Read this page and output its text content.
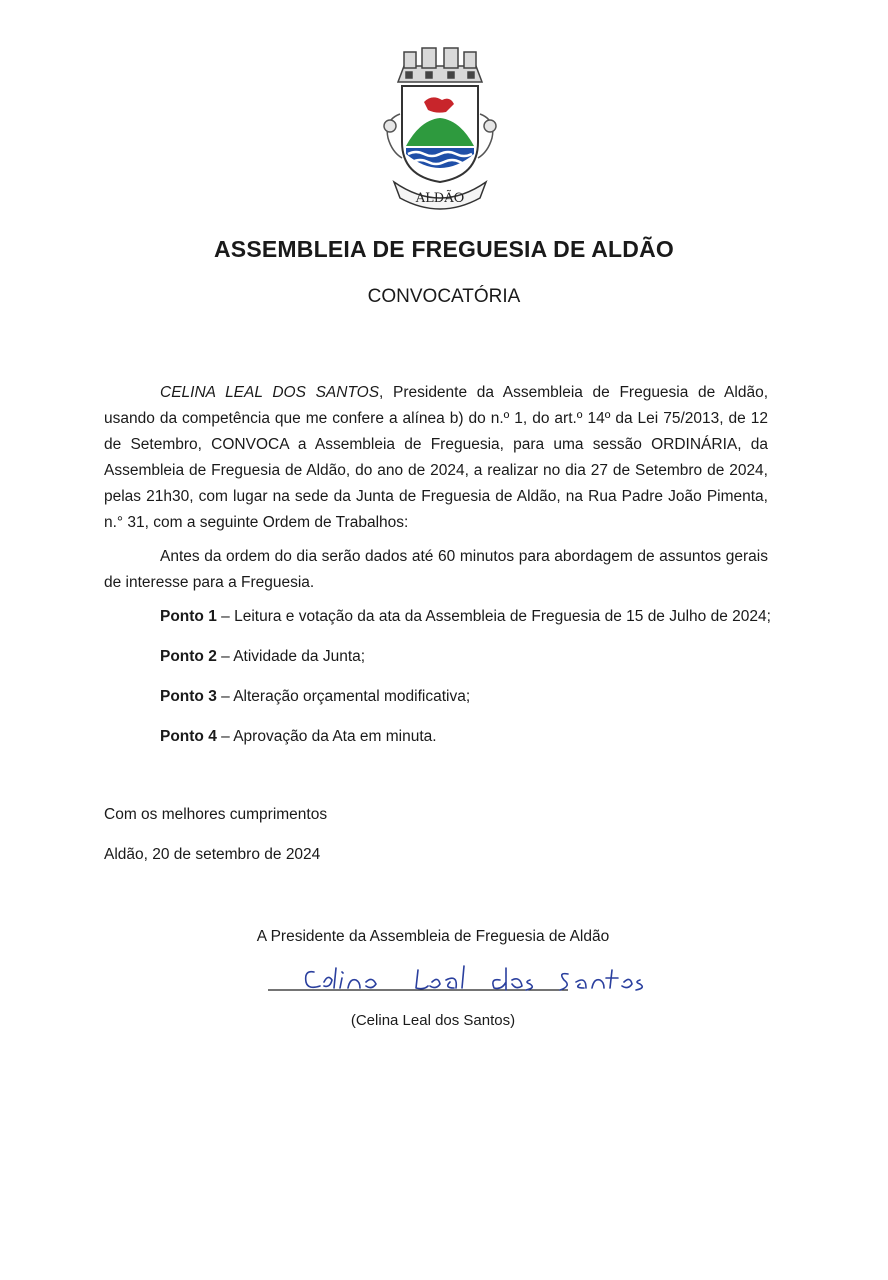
ALDÃO
ASSEMBLEIA DE FREGUESIA DE ALDÃO
CONVOCATÓRIA

CELINA LEAL DOS SANTOS, Presidente da Assembleia de Freguesia de Aldão, usando da competência que me confere a alínea b) do n.º 1, do art.º 14º da Lei 75/2013, de 12 de Setembro, CONVOCA a Assembleia de Freguesia, para uma sessão ORDINÁRIA, da Assembleia de Freguesia de Aldão, do ano de 2024, a realizar no dia 27 de Setembro de 2024, pelas 21h30, com lugar na sede da Junta de Freguesia de Aldão, na Rua Padre João Pimenta, n.° 31, com a seguinte Ordem de Trabalhos:

Antes da ordem do dia serão dados até 60 minutos para abordagem de assuntos gerais de interesse para a Freguesia.

Ponto 1 – Leitura e votação da ata da Assembleia de Freguesia de 15 de Julho de 2024;

Ponto 2 – Atividade da Junta;

Ponto 3 – Alteração orçamental modificativa;

Ponto 4 – Aprovação da Ata em minuta.

Com os melhores cumprimentos

Aldão, 20 de setembro de 2024

A Presidente da Assembleia de Freguesia de Aldão

(Celina Leal dos Santos)
